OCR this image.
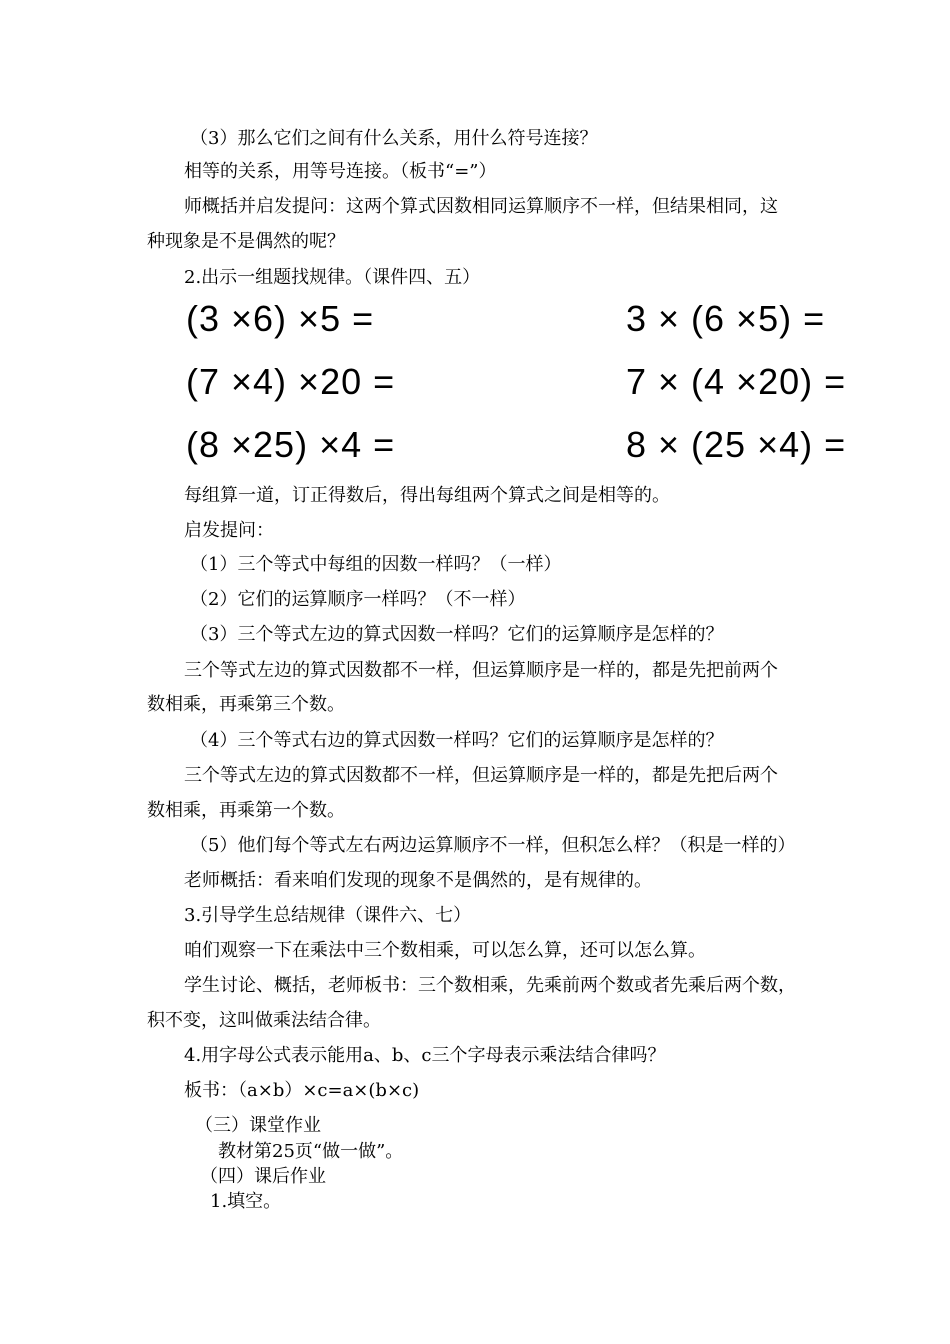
（3）那么它们之间有什么关系，用什么符号连接？
相等的关系，用等号连接。（板书“=”）
师概括并启发提问：这两个算式因数相同运算顺序不一样，但结果相同，这
种现象是不是偶然的呢？
2.出示一组题找规律。（课件四、五）
(3 ×6) ×5 =	3 × (6 ×5) =
(7 ×4) ×20 =	7 × (4 ×20) =
(8 ×25) ×4 =	8 × (25 ×4) =
每组算一道，订正得数后，得出每组两个算式之间是相等的。
启发提问：
（1）三个等式中每组的因数一样吗？（一样）
（2）它们的运算顺序一样吗？（不一样）
（3）三个等式左边的算式因数一样吗？它们的运算顺序是怎样的？
三个等式左边的算式因数都不一样，但运算顺序是一样的，都是先把前两个
数相乘，再乘第三个数。
（4）三个等式右边的算式因数一样吗？它们的运算顺序是怎样的？
三个等式左边的算式因数都不一样，但运算顺序是一样的，都是先把后两个
数相乘，再乘第一个数。
（5）他们每个等式左右两边运算顺序不一样，但积怎么样？（积是一样的）
老师概括：看来咱们发现的现象不是偶然的，是有规律的。
3.引导学生总结规律（课件六、七）
咱们观察一下在乘法中三个数相乘，可以怎么算，还可以怎么算。
学生讨论、概括，老师板书：三个数相乘，先乘前两个数或者先乘后两个数，
积不变，这叫做乘法结合律。
4.用字母公式表示能用a、b、c三个字母表示乘法结合律吗？
板书：（a×b）×c=a×(b×c)
（三）课堂作业
教材第25页“做一做”。
（四）课后作业
1.填空。
